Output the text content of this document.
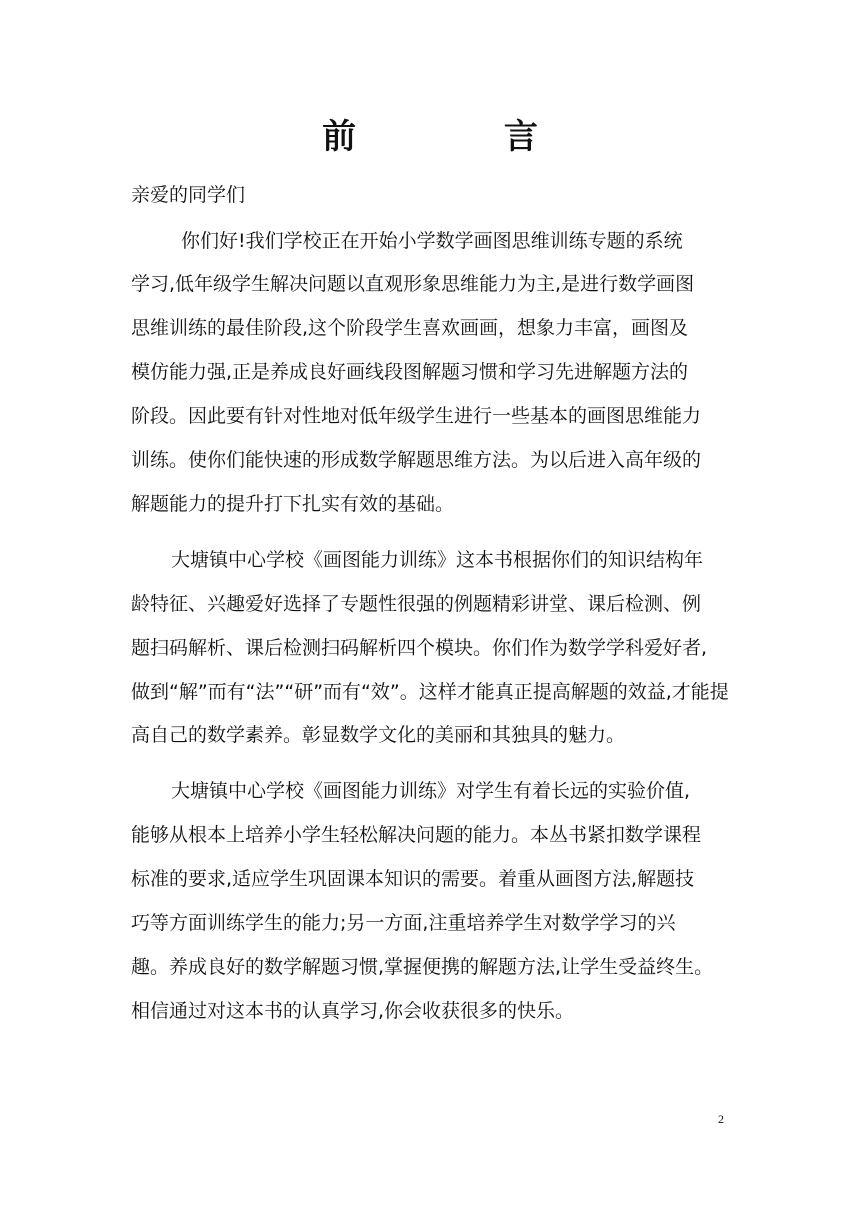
前 言
亲爱的同学们
你们好!我们学校正在开始小学数学画图思维训练专题的系统
学习,低年级学生解决问题以直观形象思维能力为主,是进行数学画图
思维训练的最佳阶段,这个阶段学生喜欢画画，想象力丰富，画图及
模仿能力强,正是养成良好画线段图解题习惯和学习先进解题方法的
阶段。因此要有针对性地对低年级学生进行一些基本的画图思维能力
训练。使你们能快速的形成数学解题思维方法。为以后进入高年级的
解题能力的提升打下扎实有效的基础。
大塘镇中心学校《画图能力训练》这本书根据你们的知识结构年
龄特征、兴趣爱好选择了专题性很强的例题精彩讲堂、课后检测、例
题扫码解析、课后检测扫码解析四个模块。你们作为数学学科爱好者,
做到“解”而有“法”“研”而有“效”。这样才能真正提高解题的效益,才能提
高自己的数学素养。彰显数学文化的美丽和其独具的魅力。
大塘镇中心学校《画图能力训练》对学生有着长远的实验价值,
能够从根本上培养小学生轻松解决问题的能力。本丛书紧扣数学课程
标准的要求,适应学生巩固课本知识的需要。着重从画图方法,解题技
巧等方面训练学生的能力;另一方面,注重培养学生对数学学习的兴
趣。养成良好的数学解题习惯,掌握便携的解题方法,让学生受益终生。
相信通过对这本书的认真学习,你会收获很多的快乐。
2
